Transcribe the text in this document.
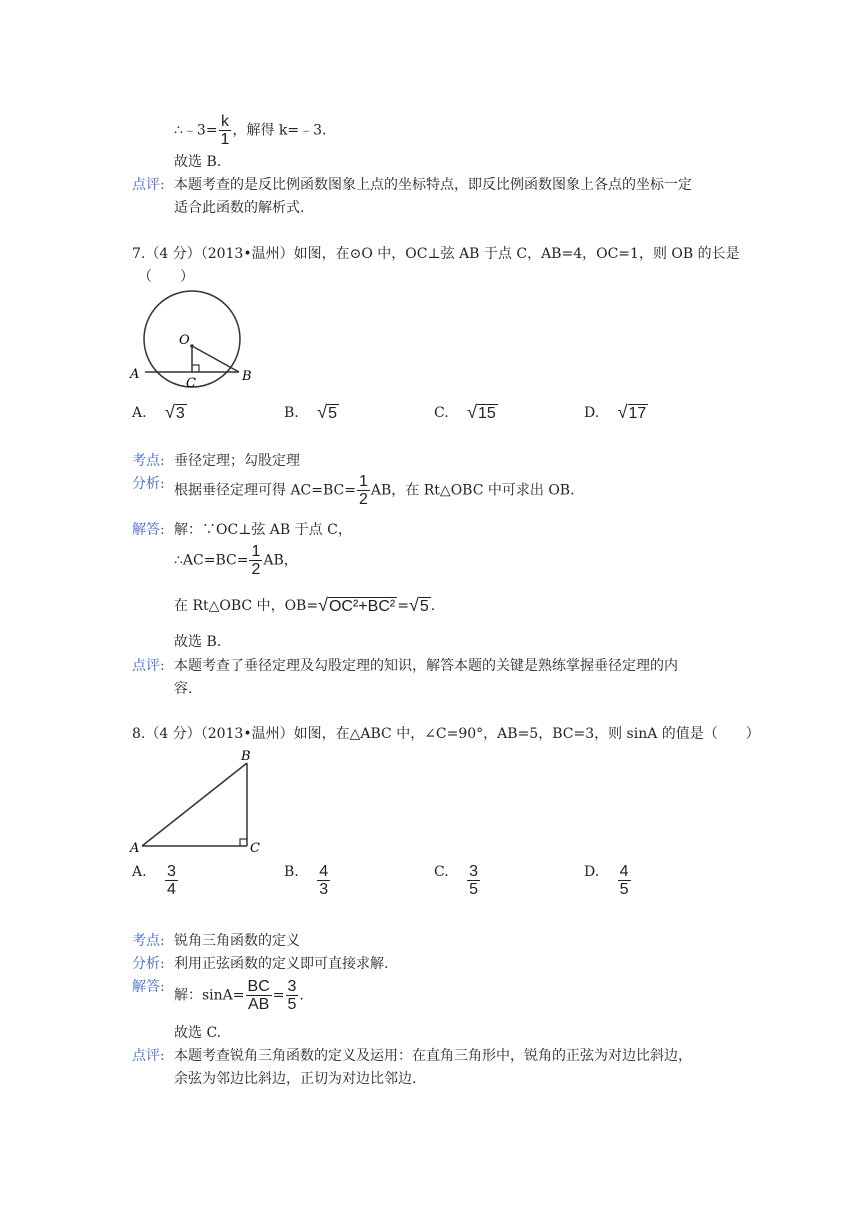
∴﹣3= $\frac{k}{1}$ ，解得 k=﹣3.
故选 B.
点评: 本题考查的是反比例函数图象上点的坐标特点，即反比例函数图象上各点的坐标一定
适合此函数的解析式.
7.（4 分）（2013•温州）如图，在⊙O 中，OC⊥弦 AB 于点 C，AB=4，OC=1，则 OB 的长是
（　　）
O
A	B
C
A. √3	B. √5	C. √15	D. √17
考点: 垂径定理；勾股定理
分析: 根据垂径定理可得 $AC=BC= \frac{1}{2}$ AB，在 Rt△OBC 中可求出 OB.
解答: 解：∵OC⊥弦 AB 于点 C，
∴AC=BC= $\frac{1}{2}$ AB，
在 Rt△OBC 中，OB=√OC²+BC² =√5 .
故选 B.
点评: 本题考查了垂径定理及勾股定理的知识，解答本题的关键是熟练掌握垂径定理的内
容.
8.（4 分）（2013•温州）如图，在△ABC 中，∠C=90°，AB=5，BC=3，则 sinA 的值是（　　）
B
A	C
A. $\frac{3}{4}$	B. $\frac{4}{3}$	C. $\frac{3}{5}$	D. $\frac{4}{5}$
考点: 锐角三角函数的定义
分析: 利用正弦函数的定义即可直接求解.
解答:
解：$\sin A= \frac{BC}{AB} = \frac{3}{5}$ .
故选 C.
点评: 本题考查锐角三角函数的定义及运用：在直角三角形中，锐角的正弦为对边比斜边，
余弦为邻边比斜边，正切为对边比邻边.
